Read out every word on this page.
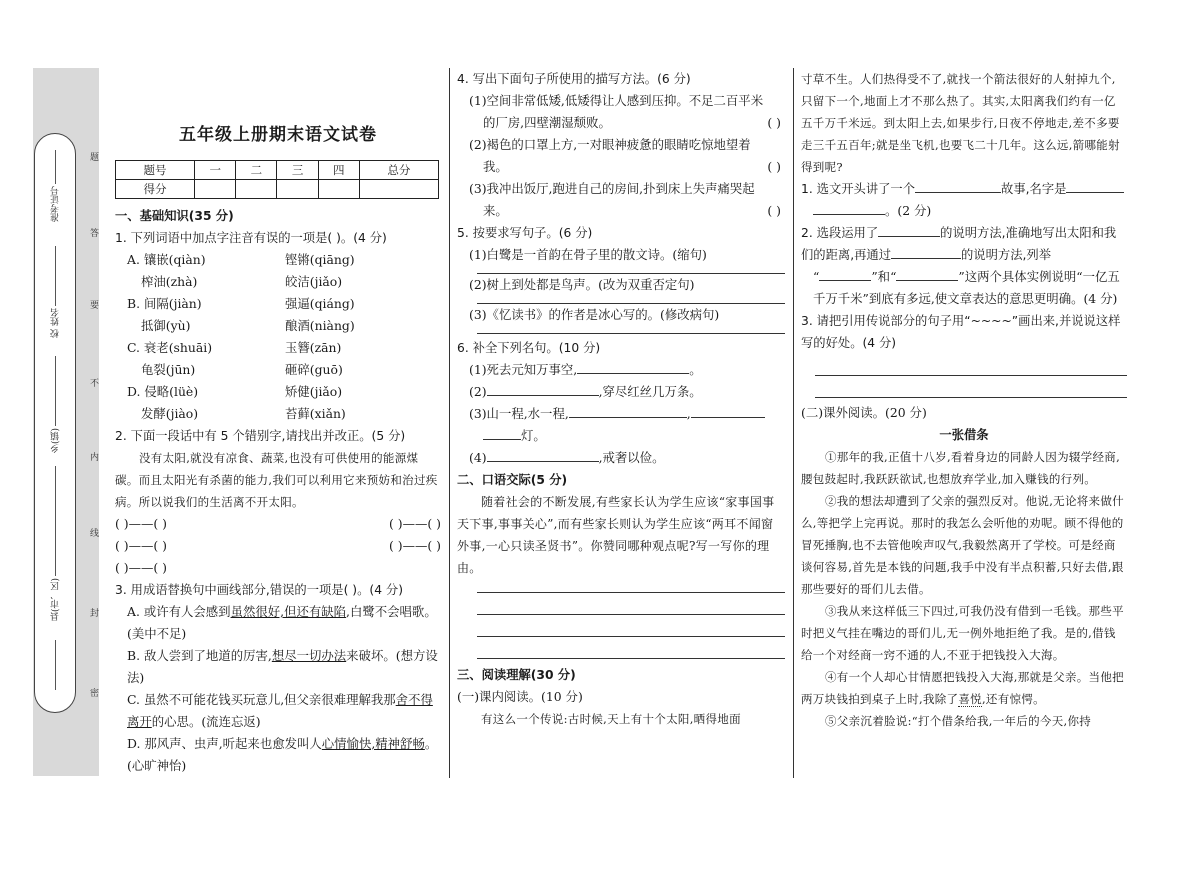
准考证号
校 姓名
乡(镇)
县(市、区)
题
答
要
不
内
线
封
密
五年级上册期末语文试卷
题号	一	二	三	四	总分
得分					
一、基础知识(35 分)
1. 下列词语中加点字注音有误的一项是( )。(4 分)
A. 镶嵌(qiàn)	铿锵(qiāng)
榨油(zhà)	皎洁(jiǎo)
B. 间隔(jiàn)	强逼(qiáng)
抵御(yù)	酿酒(niàng)
C. 衰老(shuāi)	玉簪(zān)
龟裂(jūn)	砸碎(guō)
D. 侵略(lüè)	矫健(jiǎo)
发酵(jiào)	苔藓(xiǎn)
2. 下面一段话中有 5 个错别字,请找出并改正。(5 分)
没有太阳,就没有凉食、蔬菜,也没有可供使用的能源煤碳。而且太阳光有杀菌的能力,我们可以利用它来预妨和治过疾病。所以说我们的生活离不开太阳。
( )——( )	( )——( )
( )——( )	( )——( )
( )——( )
3. 用成语替换句中画线部分,错误的一项是( )。(4 分)
A. 或许有人会感到虽然很好,但还有缺陷,白鹭不会唱歌。(美中不足)
B. 敌人尝到了地道的厉害,想尽一切办法来破坏。(想方设法)
C. 虽然不可能花钱买玩意儿,但父亲很难理解我那舍不得离开的心思。(流连忘返)
D. 那风声、虫声,听起来也愈发叫人心情愉快,精神舒畅。(心旷神怡)
4. 写出下面句子所使用的描写方法。(6 分)
(1)空间非常低矮,低矮得让人感到压抑。不足二百平米
的厂房,四壁潮湿颓败。	( )
(2)褐色的口罩上方,一对眼神疲惫的眼睛吃惊地望着
我。	( )
(3)我冲出饭厅,跑进自己的房间,扑到床上失声痛哭起
来。	( )
5. 按要求写句子。(6 分)
(1)白鹭是一首韵在骨子里的散文诗。(缩句)
(2)树上到处都是鸟声。(改为双重否定句)
(3)《忆读书》的作者是冰心写的。(修改病句)
6. 补全下列名句。(10 分)
(1)死去元知万事空,	。
(2)	,穿尽红丝几万条。
(3)山一程,水一程,	,
灯。
(4)	,戒奢以俭。
二、口语交际(5 分)
随着社会的不断发展,有些家长认为学生应该“家事国事天下事,事事关心”,而有些家长则认为学生应该“两耳不闻窗外事,一心只读圣贤书”。你赞同哪种观点呢?写一写你的理由。
三、阅读理解(30 分)
(一)课内阅读。(10 分)
有这么一个传说:古时候,天上有十个太阳,晒得地面
寸草不生。人们热得受不了,就找一个箭法很好的人射掉九个,只留下一个,地面上才不那么热了。其实,太阳离我们约有一亿五千万千米远。到太阳上去,如果步行,日夜不停地走,差不多要走三千五百年;就是坐飞机,也要飞二十几年。这么远,箭哪能射得到呢?
1. 选文开头讲了一个	故事,名字是
。(2 分)
2. 选段运用了	的说明方法,准确地写出太阳和我们的距离,再通过	的说明方法,列举
“	”和“	”这两个具体实例说明“一亿五千万千米”到底有多远,使文章表达的意思更明确。(4 分)
3. 请把引用传说部分的句子用“~~~~”画出来,并说说这样写的好处。(4 分)
(二)课外阅读。(20 分)
一张借条
①那年的我,正值十八岁,看着身边的同龄人因为辍学经商,腰包鼓起时,我跃跃欲试,也想放弃学业,加入赚钱的行列。
②我的想法却遭到了父亲的强烈反对。他说,无论将来做什么,等把学上完再说。那时的我怎么会听他的劝呢。顾不得他的冒死捶胸,也不去管他唉声叹气,我毅然离开了学校。可是经商谈何容易,首先是本钱的问题,我手中没有半点积蓄,只好去借,跟那些要好的哥们儿去借。
③我从来这样低三下四过,可我仍没有借到一毛钱。那些平时把义气挂在嘴边的哥们儿,无一例外地拒绝了我。是的,借钱给一个对经商一窍不通的人,不亚于把钱投入大海。
④有一个人却心甘情愿把钱投入大海,那就是父亲。当他把两万块钱拍到桌子上时,我除了喜悦,还有惊愕。
⑤父亲沉着脸说:“打个借条给我,一年后的今天,你持
